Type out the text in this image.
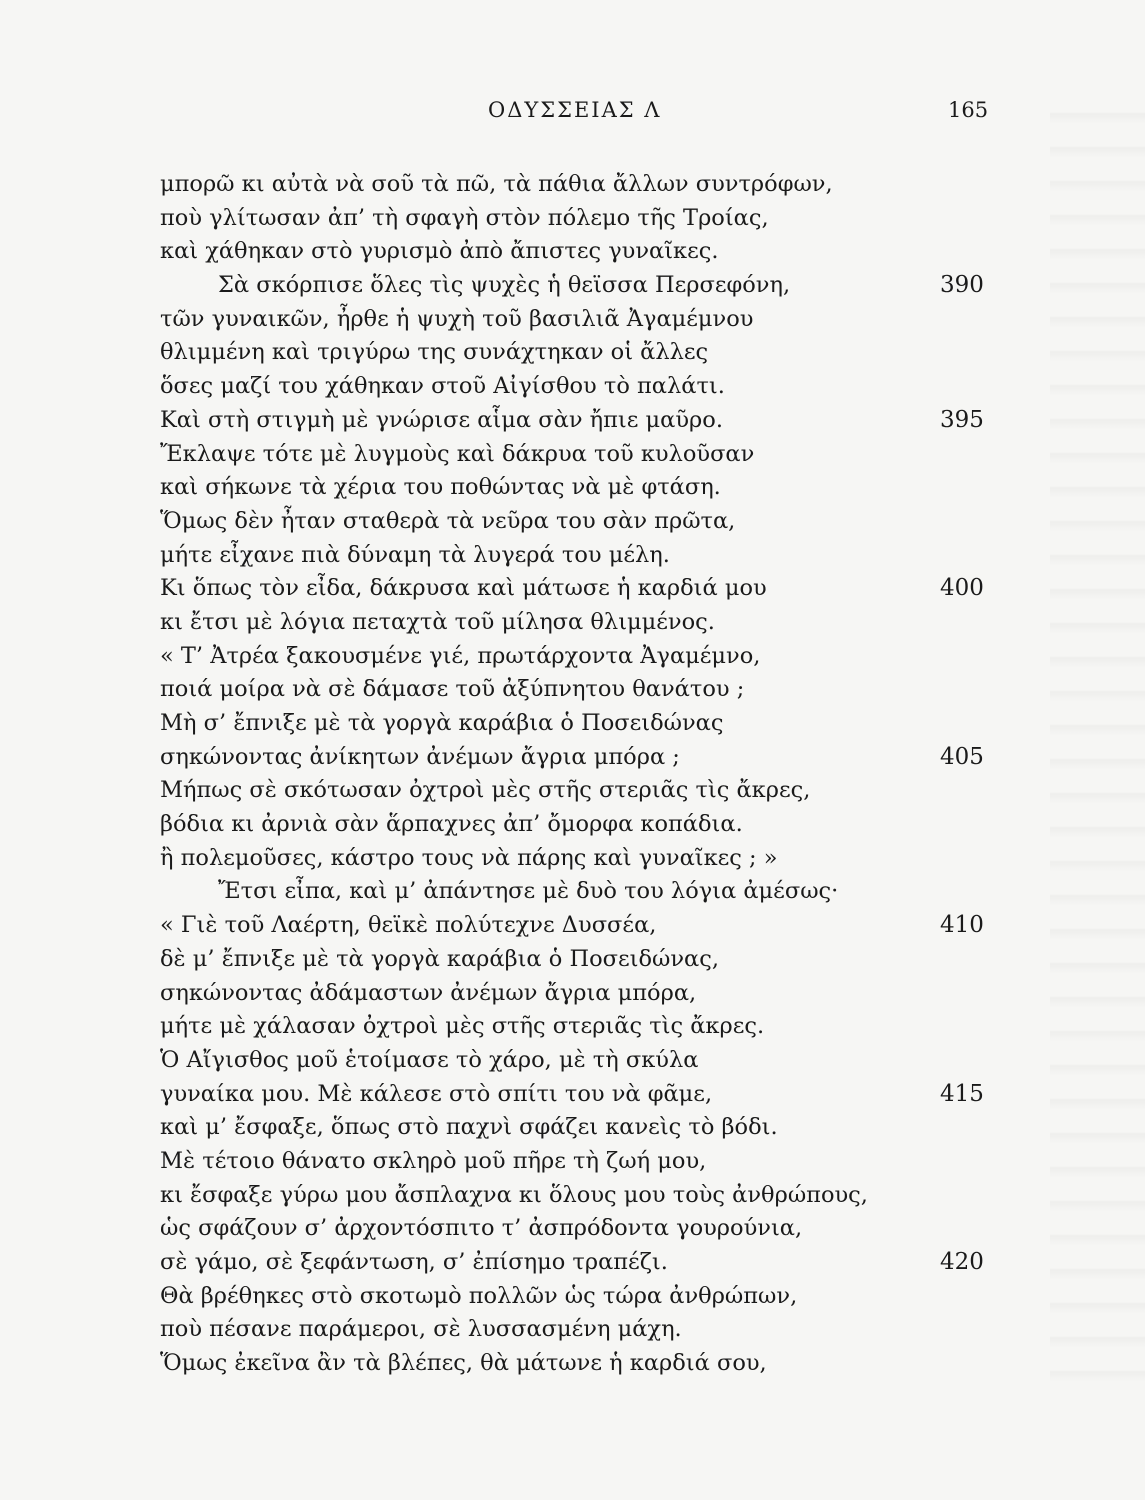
ΟΔΥΣΣΕΙΑΣ Λ	165
μπορῶ κι αὐτὰ νὰ σοῦ τὰ πῶ, τὰ πάθια ἄλλων συντρόφων,
ποὺ γλίτωσαν ἀπ’ τὴ σφαγὴ στὸν πόλεμο τῆς Τροίας,
καὶ χάθηκαν στὸ γυρισμὸ ἀπὸ ἄπιστες γυναῖκες.
Σὰ σκόρπισε ὅλες τὶς ψυχὲς ἡ θεϊσσα Περσεφόνη,	390
τῶν γυναικῶν, ἦρθε ἡ ψυχὴ τοῦ βασιλιᾶ Ἀγαμέμνου
θλιμμένη καὶ τριγύρω της συνάχτηκαν οἱ ἄλλες
ὅσες μαζί του χάθηκαν στοῦ Αἰγίσθου τὸ παλάτι.
Καὶ στὴ στιγμὴ μὲ γνώρισε αἷμα σὰν ἤπιε μαῦρο.	395
Ἔκλαψε τότε μὲ λυγμοὺς καὶ δάκρυα τοῦ κυλοῦσαν
καὶ σήκωνε τὰ χέρια του ποθώντας νὰ μὲ φτάση.
Ὅμως δὲν ἦταν σταθερὰ τὰ νεῦρα του σὰν πρῶτα,
μήτε εἶχανε πιὰ δύναμη τὰ λυγερά του μέλη.
Κι ὅπως τὸν εἶδα, δάκρυσα καὶ μάτωσε ἡ καρδιά μου	400
κι ἔτσι μὲ λόγια πεταχτὰ τοῦ μίλησα θλιμμένος.
« Τ’ Ἀτρέα ξακουσμένε γιέ, πρωτάρχοντα Ἀγαμέμνο,
ποιά μοίρα νὰ σὲ δάμασε τοῦ ἀξύπνητου θανάτου ;
Μὴ σ’ ἔπνιξε μὲ τὰ γοργὰ καράβια ὁ Ποσειδώνας
σηκώνοντας ἀνίκητων ἀνέμων ἄγρια μπόρα ;	405
Μήπως σὲ σκότωσαν ὀχτροὶ μὲς στῆς στεριᾶς τὶς ἄκρες,
βόδια κι ἀρνιὰ σὰν ἅρπαχνες ἀπ’ ὄμορφα κοπάδια.
ἢ πολεμοῦσες, κάστρο τους νὰ πάρης καὶ γυναῖκες ; »
Ἔτσι εἶπα, καὶ μ’ ἀπάντησε μὲ δυὸ του λόγια ἀμέσως·
« Γιὲ τοῦ Λαέρτη, θεϊκὲ πολύτεχνε Δυσσέα,	410
δὲ μ’ ἔπνιξε μὲ τὰ γοργὰ καράβια ὁ Ποσειδώνας,
σηκώνοντας ἀδάμαστων ἀνέμων ἄγρια μπόρα,
μήτε μὲ χάλασαν ὀχτροὶ μὲς στῆς στεριᾶς τὶς ἄκρες.
Ὁ Αἴγισθος μοῦ ἑτοίμασε τὸ χάρο, μὲ τὴ σκύλα
γυναίκα μου. Μὲ κάλεσε στὸ σπίτι του νὰ φᾶμε,	415
καὶ μ’ ἔσφαξε, ὅπως στὸ παχνὶ σφάζει κανεὶς τὸ βόδι.
Μὲ τέτοιο θάνατο σκληρὸ μοῦ πῆρε τὴ ζωή μου,
κι ἔσφαξε γύρω μου ἄσπλαχνα κι ὅλους μου τοὺς ἀνθρώπους,
ὡς σφάζουν σ’ ἀρχοντόσπιτο τ’ ἀσπρόδοντα γουρούνια,
σὲ γάμο, σὲ ξεφάντωση, σ’ ἐπίσημο τραπέζι.	420
Θὰ βρέθηκες στὸ σκοτωμὸ πολλῶν ὡς τώρα ἀνθρώπων,
ποὺ πέσανε παράμεροι, σὲ λυσσασμένη μάχη.
Ὅμως ἐκεῖνα ἂν τὰ βλέπες, θὰ μάτωνε ἡ καρδιά σου,
